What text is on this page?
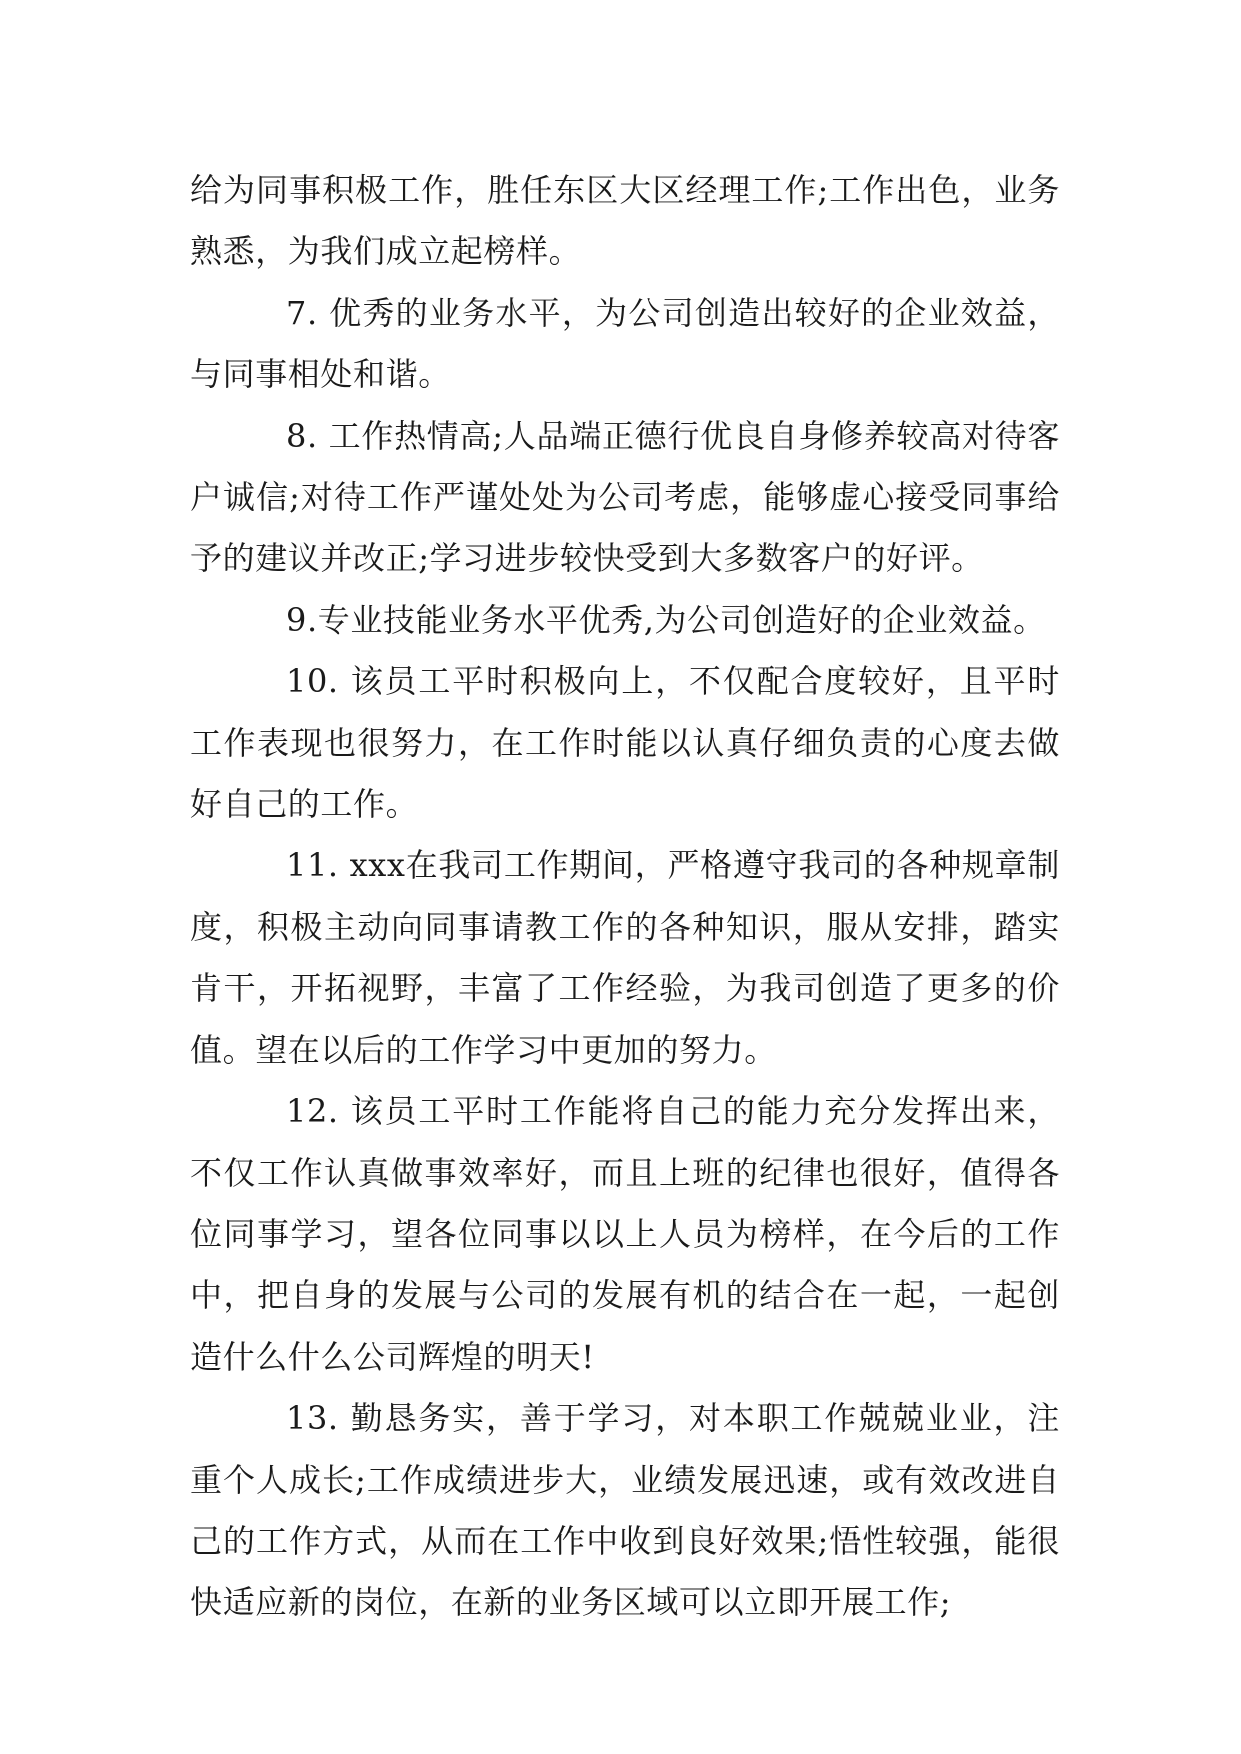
给为同事积极工作，胜任东区大区经理工作;工作出色，业务熟悉，为我们成立起榜样。

7. 优秀的业务水平，为公司创造出较好的企业效益，与同事相处和谐。

8. 工作热情高;人品端正德行优良自身修养较高对待客户诚信;对待工作严谨处处为公司考虑，能够虚心接受同事给予的建议并改正;学习进步较快受到大多数客户的好评。

9.专业技能业务水平优秀,为公司创造好的企业效益。

10. 该员工平时积极向上，不仅配合度较好，且平时工作表现也很努力，在工作时能以认真仔细负责的心度去做好自己的工作。

11. xxx在我司工作期间，严格遵守我司的各种规章制度，积极主动向同事请教工作的各种知识，服从安排，踏实肯干，开拓视野，丰富了工作经验，为我司创造了更多的价值。望在以后的工作学习中更加的努力。

12. 该员工平时工作能将自己的能力充分发挥出来，不仅工作认真做事效率好，而且上班的纪律也很好，值得各位同事学习，望各位同事以以上人员为榜样，在今后的工作中，把自身的发展与公司的发展有机的结合在一起，一起创造什么什么公司辉煌的明天!

13. 勤恳务实，善于学习，对本职工作兢兢业业，注重个人成长;工作成绩进步大，业绩发展迅速，或有效改进自己的工作方式，从而在工作中收到良好效果;悟性较强，能很快适应新的岗位，在新的业务区域可以立即开展工作;
